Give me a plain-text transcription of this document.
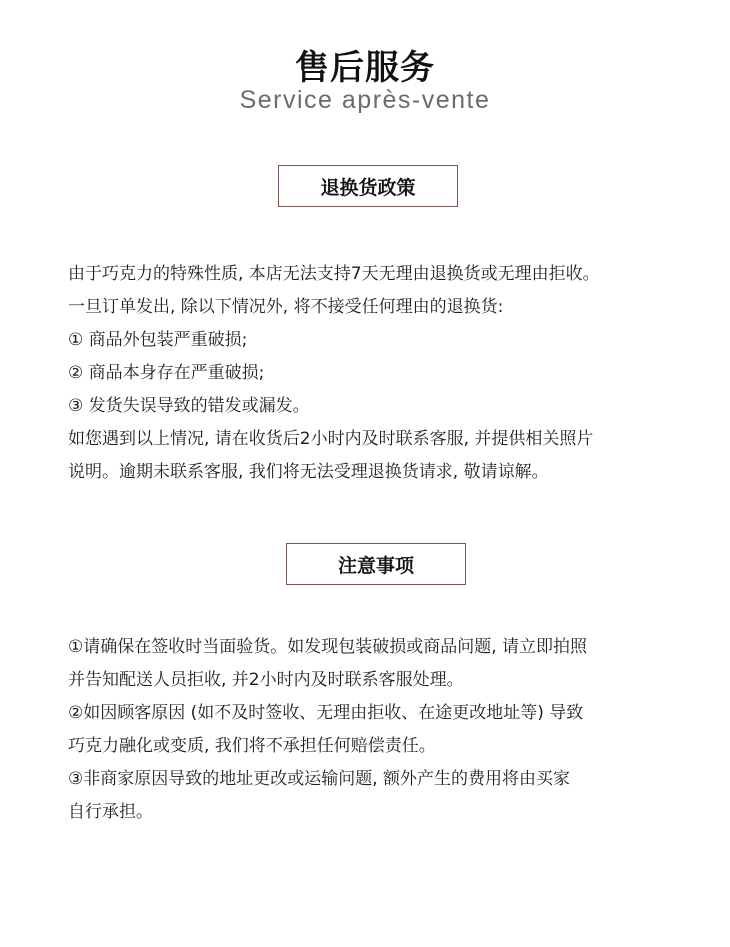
售后服务
Service après-vente
退换货政策
由于巧克力的特殊性质, 本店无法支持7天无理由退换货或无理由拒收。
一旦订单发出, 除以下情况外, 将不接受任何理由的退换货:
① 商品外包装严重破损;
② 商品本身存在严重破损;
③ 发货失误导致的错发或漏发。
如您遇到以上情况, 请在收货后2小时内及时联系客服, 并提供相关照片
说明。逾期未联系客服, 我们将无法受理退换货请求, 敬请谅解。
注意事项
①请确保在签收时当面验货。如发现包装破损或商品问题, 请立即拍照
并告知配送人员拒收, 并2小时内及时联系客服处理。
②如因顾客原因 (如不及时签收、无理由拒收、在途更改地址等) 导致
巧克力融化或变质, 我们将不承担任何赔偿责任。
③非商家原因导致的地址更改或运输问题, 额外产生的费用将由买家
自行承担。
